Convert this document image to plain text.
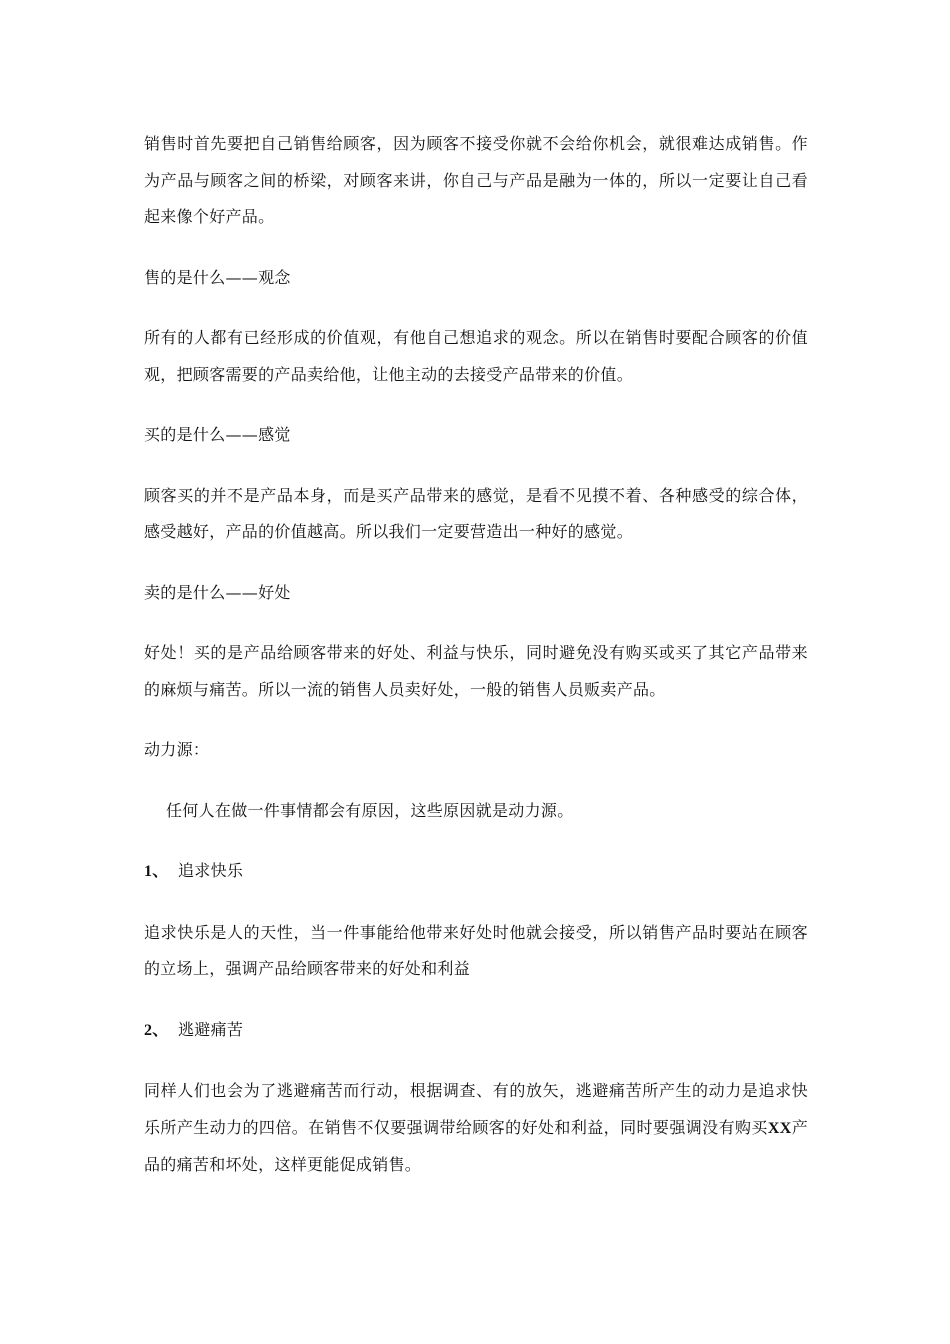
销售时首先要把自己销售给顾客，因为顾客不接受你就不会给你机会，就很难达成销售。作为产品与顾客之间的桥梁，对顾客来讲，你自己与产品是融为一体的，所以一定要让自己看起来像个好产品。

售的是什么——观念

所有的人都有已经形成的价值观，有他自己想追求的观念。所以在销售时要配合顾客的价值观，把顾客需要的产品卖给他，让他主动的去接受产品带来的价值。

买的是什么——感觉

顾客买的并不是产品本身，而是买产品带来的感觉，是看不见摸不着、各种感受的综合体，感受越好，产品的价值越高。所以我们一定要营造出一种好的感觉。

卖的是什么——好处

好处！买的是产品给顾客带来的好处、利益与快乐，同时避免没有购买或买了其它产品带来的麻烦与痛苦。所以一流的销售人员卖好处，一般的销售人员贩卖产品。

动力源：

任何人在做一件事情都会有原因，这些原因就是动力源。

1、 追求快乐

追求快乐是人的天性，当一件事能给他带来好处时他就会接受，所以销售产品时要站在顾客的立场上，强调产品给顾客带来的好处和利益

2、 逃避痛苦

同样人们也会为了逃避痛苦而行动，根据调查、有的放矢，逃避痛苦所产生的动力是追求快乐所产生动力的四倍。在销售不仅要强调带给顾客的好处和利益，同时要强调没有购买XX产品的痛苦和坏处，这样更能促成销售。
